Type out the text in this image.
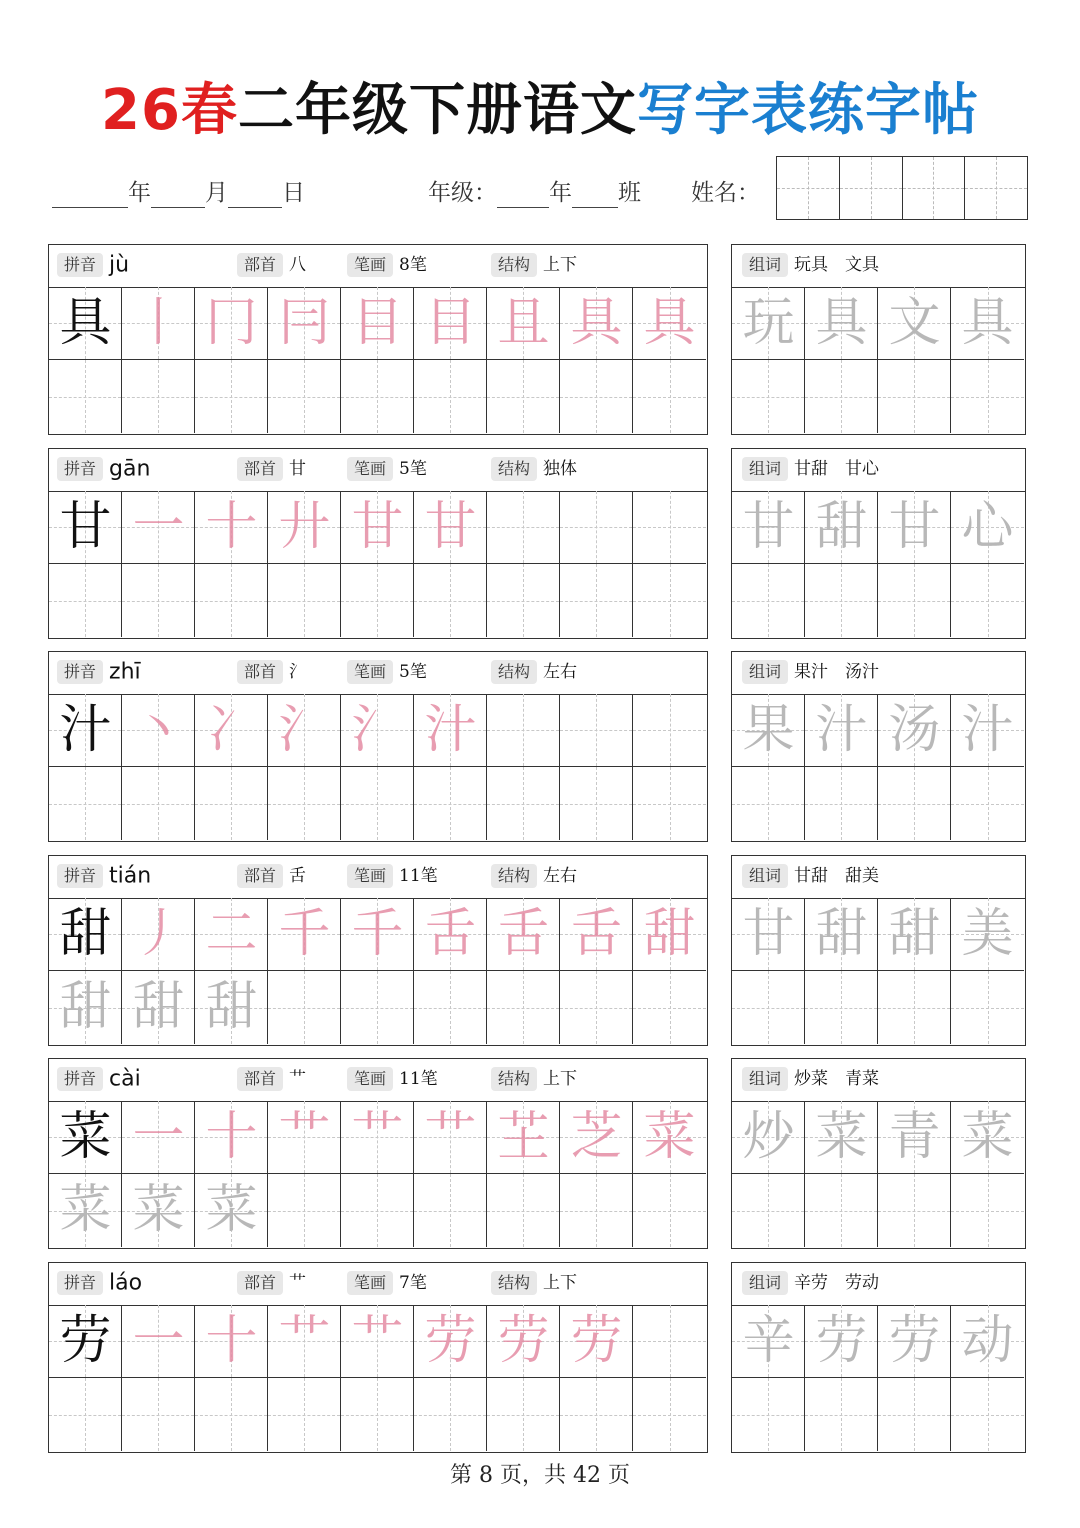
26春二年级下册语文写字表练字帖
年 月 日	年级： 年 班 姓名：
拼音 jù	部首 八	笔画 8笔	结构 上下
具 丨 冂 冃 目 目 且 具 具
组词 玩具　文具
玩 具 文 具
拼音 gān	部首 甘	笔画 5笔	结构 独体
甘 一 十 廾 甘 甘
组词 甘甜　甘心
甘 甜 甘 心
拼音 zhī	部首 氵	笔画 5笔	结构 左右
汁 丶 冫 氵 氵 汁
组词 果汁　汤汁
果 汁 汤 汁
拼音 tián	部首 舌	笔画 11笔	结构 左右
甜 丿 二 千 千 舌 舌 舌 甜
甜 甜 甜
组词 甘甜　甜美
甘 甜 甜 美
拼音 cài	部首 艹	笔画 11笔	结构 上下
菜 一 十 艹 艹 艹 芏 芝 菜
菜 菜 菜
组词 炒菜　青菜
炒 菜 青 菜
拼音 láo	部首 艹	笔画 7笔	结构 上下
劳 一 十 艹 艹 劳 劳 劳
组词 辛劳　劳动
辛 劳 劳 动
第 8 页，共 42 页
